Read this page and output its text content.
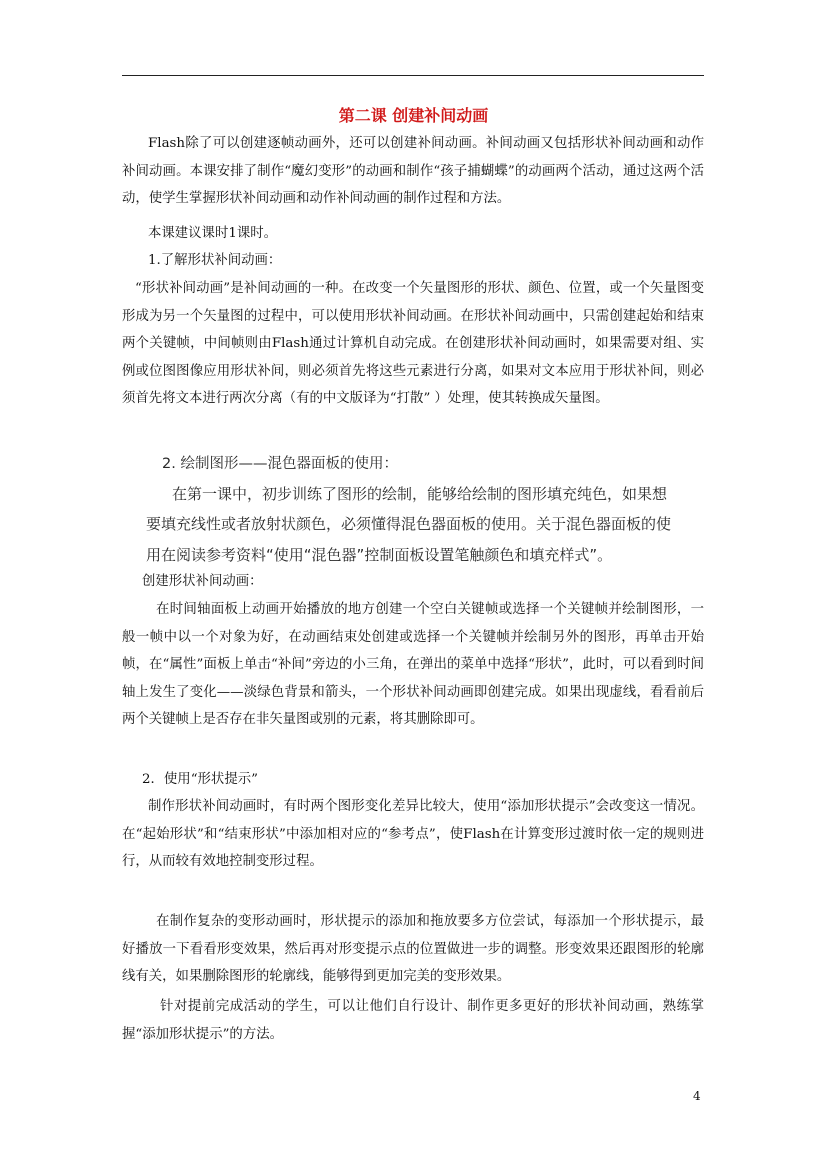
第二课 创建补间动画

Flash除了可以创建逐帧动画外，还可以创建补间动画。补间动画又包括形状补间动画和动作补间动画。本课安排了制作“魔幻变形”的动画和制作“孩子捕蝴蝶”的动画两个活动，通过这两个活动，使学生掌握形状补间动画和动作补间动画的制作过程和方法。

本课建议课时1课时。

1.了解形状补间动画：

“形状补间动画”是补间动画的一种。在改变一个矢量图形的形状、颜色、位置，或一个矢量图变形成为另一个矢量图的过程中，可以使用形状补间动画。在形状补间动画中，只需创建起始和结束两个关键帧，中间帧则由Flash通过计算机自动完成。在创建形状补间动画时，如果需要对组、实例或位图图像应用形状补间，则必须首先将这些元素进行分离，如果对文本应用于形状补间，则必须首先将文本进行两次分离（有的中文版译为“打散” ）处理，使其转换成矢量图。

2. 绘制图形——混色器面板的使用：
在第一课中，初步训练了图形的绘制，能够给绘制的图形填充纯色，如果想
要填充线性或者放射状颜色，必须懂得混色器面板的使用。关于混色器面板的使
用在阅读参考资料“使用“混色器”控制面板设置笔触颜色和填充样式”。

创建形状补间动画：

在时间轴面板上动画开始播放的地方创建一个空白关键帧或选择一个关键帧并绘制图形，一般一帧中以一个对象为好，在动画结束处创建或选择一个关键帧并绘制另外的图形，再单击开始帧，在“属性”面板上单击“补间”旁边的小三角，在弹出的菜单中选择“形状”，此时，可以看到时间轴上发生了变化——淡绿色背景和箭头，一个形状补间动画即创建完成。如果出现虚线，看看前后两个关键帧上是否存在非矢量图或别的元素，将其删除即可。

2．使用“形状提示”

制作形状补间动画时，有时两个图形变化差异比较大，使用“添加形状提示”会改变这一情况。在“起始形状”和“结束形状”中添加相对应的“参考点”，使Flash在计算变形过渡时依一定的规则进行，从而较有效地控制变形过程。

在制作复杂的变形动画时，形状提示的添加和拖放要多方位尝试，每添加一个形状提示，最好播放一下看看形变效果，然后再对形变提示点的位置做进一步的调整。形变效果还跟图形的轮廓线有关，如果删除图形的轮廓线，能够得到更加完美的变形效果。

针对提前完成活动的学生，可以让他们自行设计、制作更多更好的形状补间动画，熟练掌握“添加形状提示”的方法。

4
